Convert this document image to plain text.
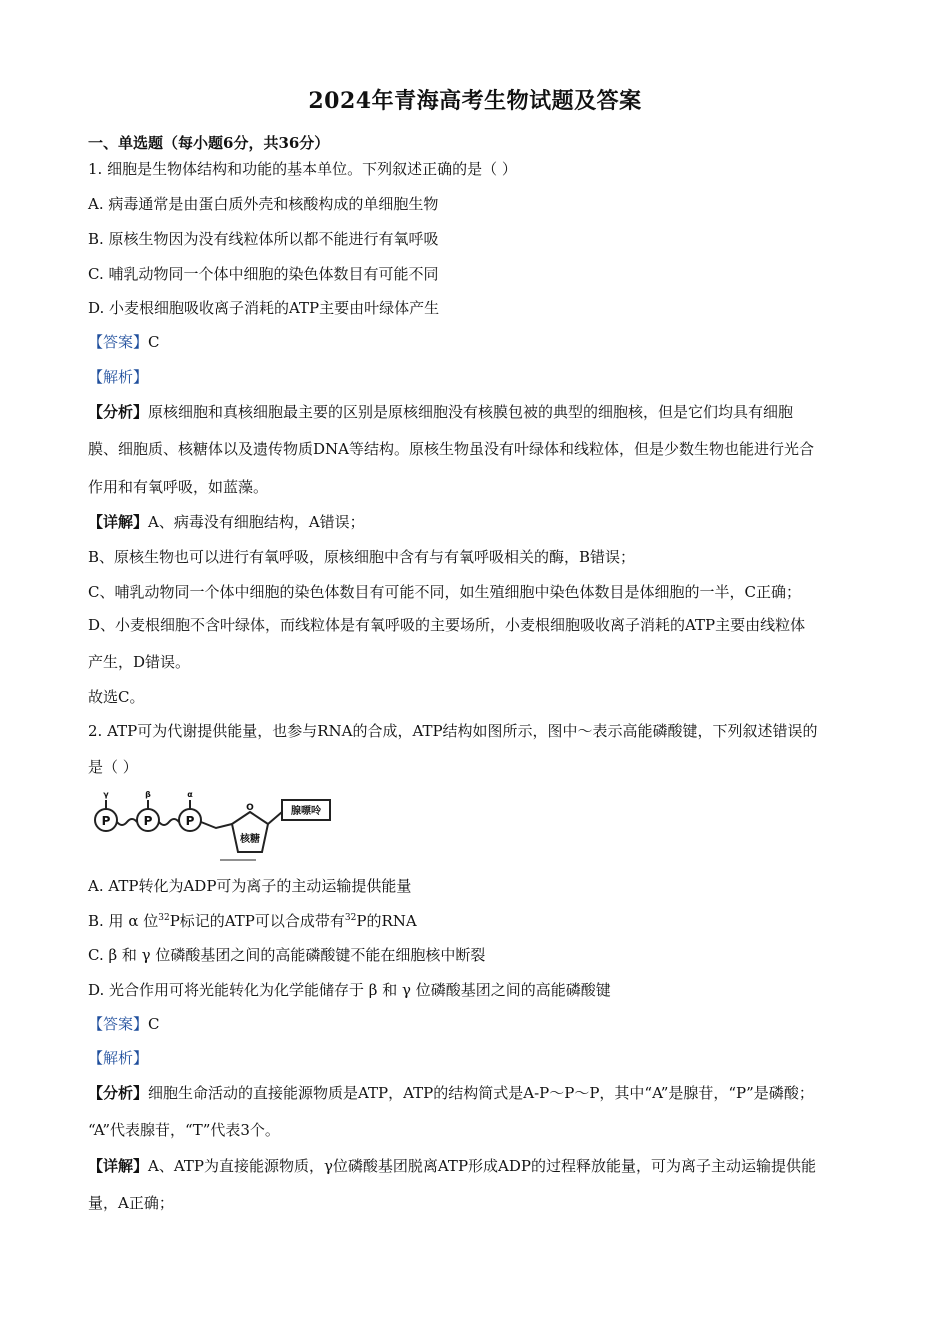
2024年青海高考生物试题及答案
一、单选题（每小题6分，共36分）
1. 细胞是生物体结构和功能的基本单位。下列叙述正确的是（ ）
A. 病毒通常是由蛋白质外壳和核酸构成的单细胞生物
B. 原核生物因为没有线粒体所以都不能进行有氧呼吸
C. 哺乳动物同一个体中细胞的染色体数目有可能不同
D. 小麦根细胞吸收离子消耗的ATP主要由叶绿体产生
【答案】C
【解析】
【分析】原核细胞和真核细胞最主要的区别是原核细胞没有核膜包被的典型的细胞核，但是它们均具有细胞
膜、细胞质、核糖体以及遗传物质DNA等结构。原核生物虽没有叶绿体和线粒体，但是少数生物也能进行光合
作用和有氧呼吸，如蓝藻。
【详解】A、病毒没有细胞结构，A错误；
B、原核生物也可以进行有氧呼吸，原核细胞中含有与有氧呼吸相关的酶，B错误；
C、哺乳动物同一个体中细胞的染色体数目有可能不同，如生殖细胞中染色体数目是体细胞的一半，C正确；
D、小麦根细胞不含叶绿体，而线粒体是有氧呼吸的主要场所，小麦根细胞吸收离子消耗的ATP主要由线粒体
产生，D错误。
故选C。
2. ATP可为代谢提供能量，也参与RNA的合成，ATP结构如图所示，图中～表示高能磷酸键，下列叙述错误的
是（ ）
P	P	P
γ	β	α
O
核糖
腺嘌呤
A. ATP转化为ADP可为离子的主动运输提供能量
B. 用 α 位$^{32}$P标记的ATP可以合成带有$^{32}$P的RNA
C. β 和 γ 位磷酸基团之间的高能磷酸键不能在细胞核中断裂
D. 光合作用可将光能转化为化学能储存于 β 和 γ 位磷酸基团之间的高能磷酸键
【答案】C
【解析】
【分析】细胞生命活动的直接能源物质是ATP，ATP的结构简式是A-P～P～P，其中“A”是腺苷，“P”是磷酸；
“A”代表腺苷，“T”代表3个。
【详解】A、ATP为直接能源物质，γ位磷酸基团脱离ATP形成ADP的过程释放能量，可为离子主动运输提供能
量，A正确；
